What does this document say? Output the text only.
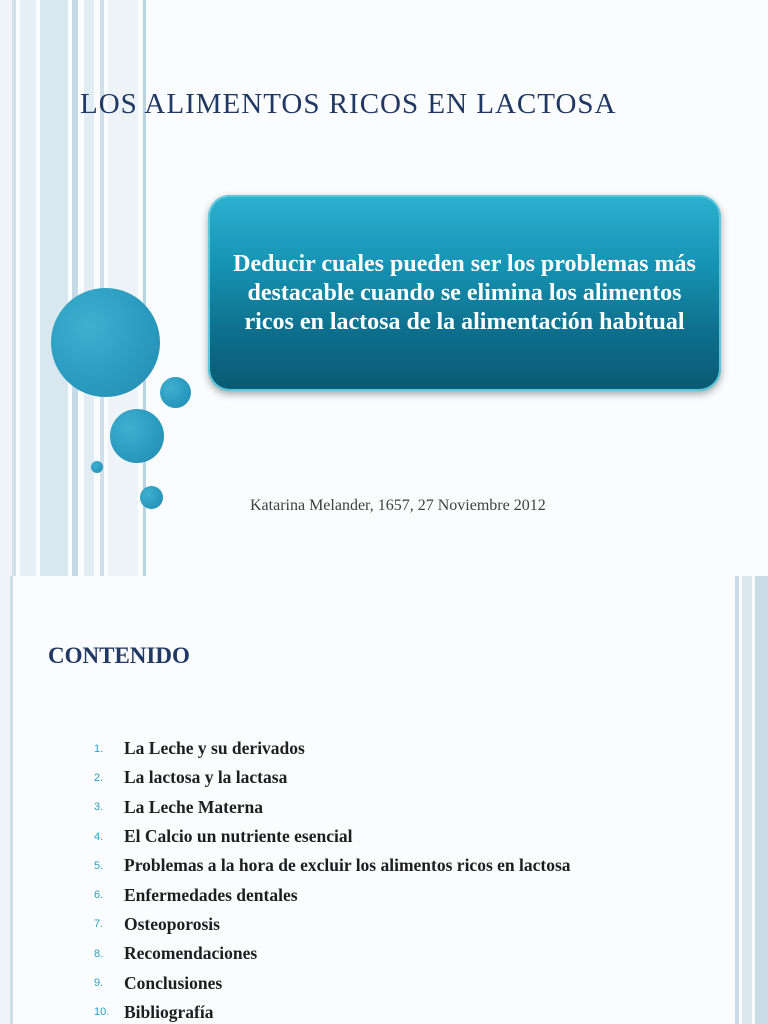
LOS ALIMENTOS RICOS EN LACTOSA
Deducir cuales pueden ser los problemas más destacable cuando se elimina los alimentos ricos en lactosa de la alimentación habitual
Katarina Melander, 1657, 27 Noviembre 2012
CONTENIDO
1.	La Leche y su derivados
2.	La lactosa y la lactasa
3.	La Leche Materna
4.	El Calcio un nutriente esencial
5.	Problemas a la hora de excluir los alimentos ricos en lactosa
6.	Enfermedades dentales
7.	Osteoporosis
8.	Recomendaciones
9.	Conclusiones
10. Bibliografía
